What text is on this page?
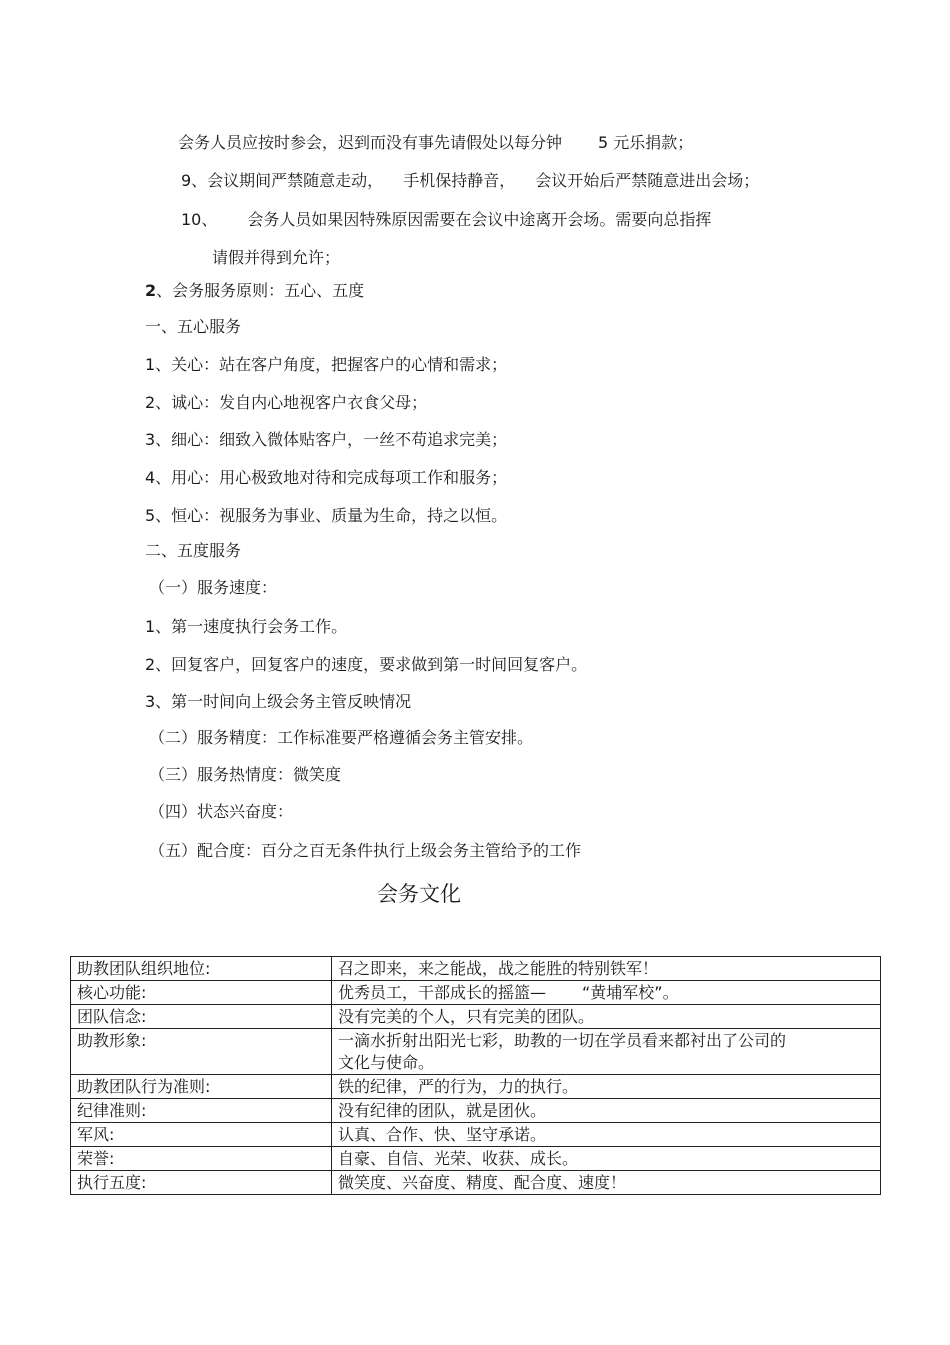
会务人员应按时参会，迟到而没有事先请假处以每分钟 5 元乐捐款；
9、会议期间严禁随意走动， 手机保持静音， 会议开始后严禁随意进出会场；
10、 会务人员如果因特殊原因需要在会议中途离开会场。需要向总指挥
请假并得到允许；
2、会务服务原则：五心、五度
一、五心服务
1、关心：站在客户角度，把握客户的心情和需求；
2、诚心：发自内心地视客户衣食父母；
3、细心：细致入微体贴客户，一丝不苟追求完美；
4、用心：用心极致地对待和完成每项工作和服务；
5、恒心：视服务为事业、质量为生命，持之以恒。
二、五度服务
（一）服务速度：
1、第一速度执行会务工作。
2、回复客户，回复客户的速度，要求做到第一时间回复客户。
3、第一时间向上级会务主管反映情况
（二）服务精度：工作标准要严格遵循会务主管安排。
（三）服务热情度：微笑度
（四）状态兴奋度：
（五）配合度：百分之百无条件执行上级会务主管给予的工作
会务文化
助教团队组织地位:	召之即来，来之能战，战之能胜的特别铁军！
核心功能:	优秀员工，干部成长的摇篮— “黄埔军校”。
团队信念:	没有完美的个人，只有完美的团队。
助教形象:	一滴水折射出阳光七彩，助教的一切在学员看来都衬出了公司的
文化与使命。

助教团队行为准则:	铁的纪律，严的行为，力的执行。
纪律准则:	没有纪律的团队，就是团伙。
军风:	认真、合作、快、坚守承诺。
荣誉:	自豪、自信、光荣、收获、成长。
执行五度:	微笑度、兴奋度、精度、配合度、速度！
